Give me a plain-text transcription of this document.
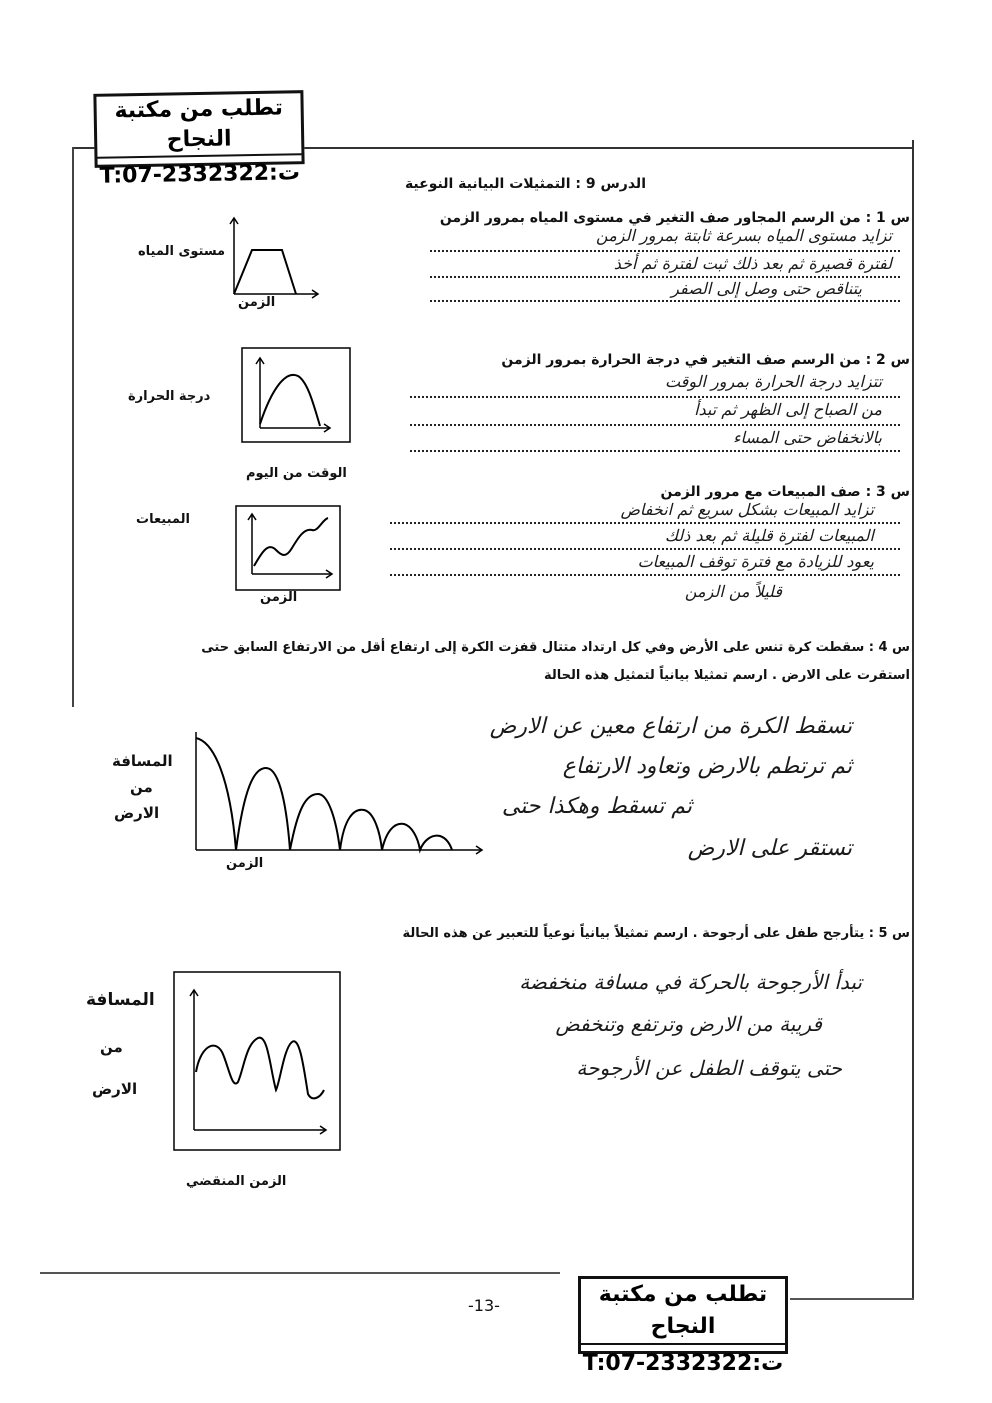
تطلب من مكتبة النجاح
T:07-2332322:ت	الدرس 9 : التمثيلات البيانية النوعية
س 1 : من الرسم المجاور صف التغير في مستوى المياه بمرور الزمن
تزايد مستوى المياه بسرعة ثابتة بمرور الزمن
لفترة قصيرة ثم بعد ذلك ثبت لفترة ثم أخذ
يتناقص حتى وصل إلى الصفر
مستوى المياه
الزمن
س 2 : من الرسم صف التغير في درجة الحرارة بمرور الزمن
تتزايد درجة الحرارة بمرور الوقت
من الصباح إلى الظهر ثم تبدأ
بالانخفاض حتى المساء
درجة الحرارة
الوقت من اليوم
س 3 : صف المبيعات مع مرور الزمن
تزايد المبيعات بشكل سريع ثم انخفاض
المبيعات لفترة قليلة ثم بعد ذلك
يعود للزيادة مع فترة توقف المبيعات
قليلاً من الزمن
المبيعات
الزمن
س 4 : سقطت كرة تنس على الأرض وفي كل ارتداد متتال قفزت الكرة إلى ارتفاع أقل من الارتفاع السابق حتى
استقرت على الارض . ارسم تمثيلا بيانياً لتمثيل هذه الحالة
تسقط الكرة من ارتفاع معين عن الارض
ثم ترتطم بالارض وتعاود الارتفاع
ثم تسقط وهكذا حتى
تستقر على الارض
المسافة
من
الارض
الزمن
س 5 : يتأرجح طفل على أرجوحة . ارسم تمثيلاً بيانياً نوعياً للتعبير عن هذه الحالة
تبدأ الأرجوحة بالحركة في مسافة منخفضة
قريبة من الارض وترتفع وتنخفض
حتى يتوقف الطفل عن الأرجوحة
المسافة
من
الارض
الزمن المنقضي
-13-	تطلب من مكتبة النجاح
T:07-2332322:ت
